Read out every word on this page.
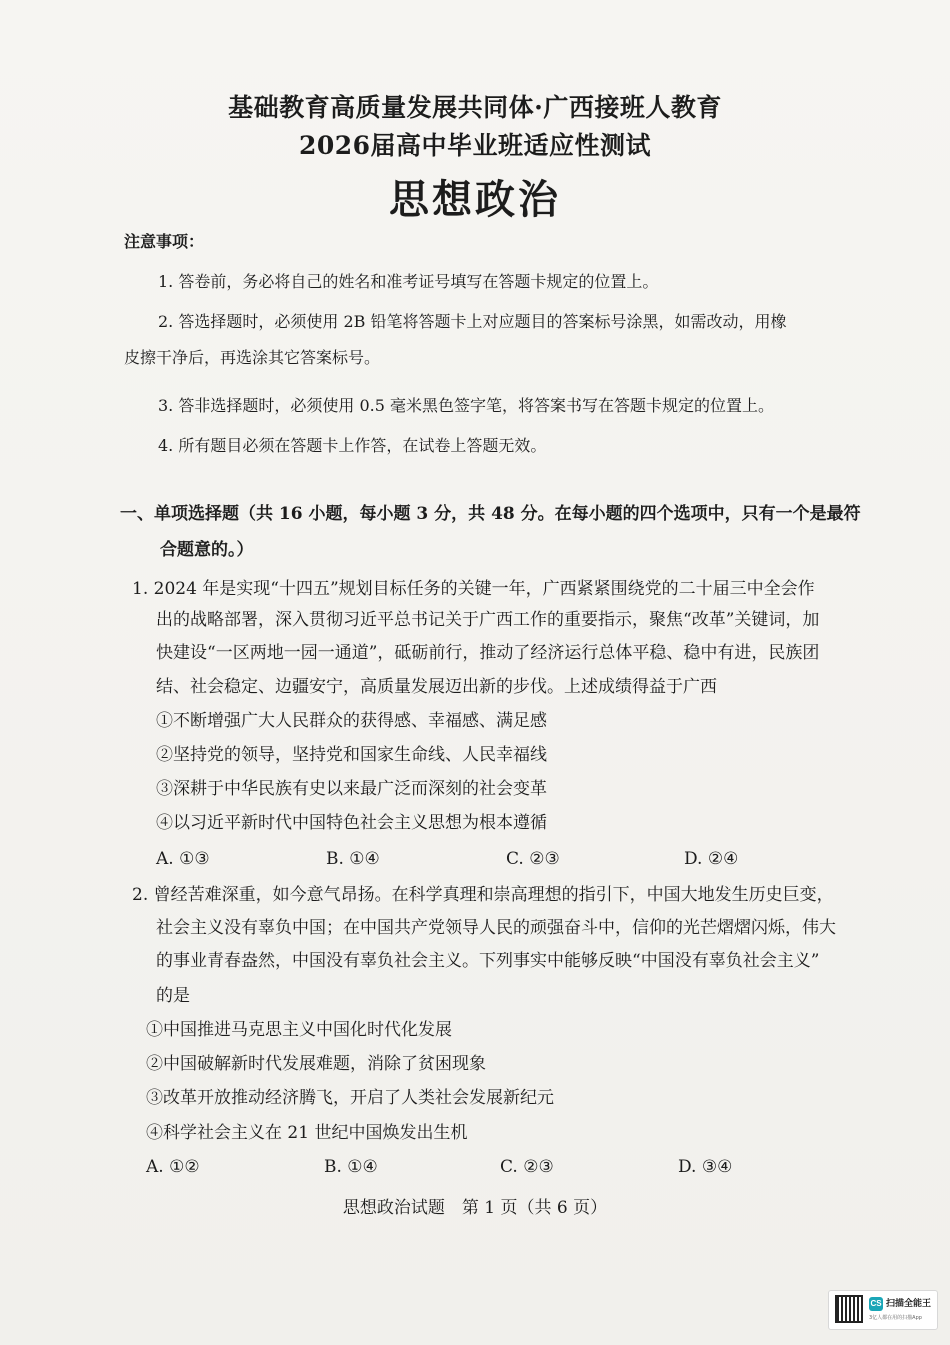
基础教育高质量发展共同体·广西接班人教育
2026届高中毕业班适应性测试
思想政治
注意事项：
1. 答卷前，务必将自己的姓名和准考证号填写在答题卡规定的位置上。
2. 答选择题时，必须使用 2B 铅笔将答题卡上对应题目的答案标号涂黑，如需改动，用橡
皮擦干净后，再选涂其它答案标号。
3. 答非选择题时，必须使用 0.5 毫米黑色签字笔，将答案书写在答题卡规定的位置上。
4. 所有题目必须在答题卡上作答，在试卷上答题无效。
一、单项选择题（共 16 小题，每小题 3 分，共 48 分。在每小题的四个选项中，只有一个是最符
合题意的。）
1. 2024 年是实现“十四五”规划目标任务的关键一年，广西紧紧围绕党的二十届三中全会作
出的战略部署，深入贯彻习近平总书记关于广西工作的重要指示，聚焦“改革”关键词，加
快建设“一区两地一园一通道”，砥砺前行，推动了经济运行总体平稳、稳中有进，民族团
结、社会稳定、边疆安宁，高质量发展迈出新的步伐。上述成绩得益于广西
①不断增强广大人民群众的获得感、幸福感、满足感
②坚持党的领导，坚持党和国家生命线、人民幸福线
③深耕于中华民族有史以来最广泛而深刻的社会变革
④以习近平新时代中国特色社会主义思想为根本遵循
A. ①③	B. ①④	C. ②③	D. ②④
2. 曾经苦难深重，如今意气昂扬。在科学真理和崇高理想的指引下，中国大地发生历史巨变，
社会主义没有辜负中国；在中国共产党领导人民的顽强奋斗中，信仰的光芒熠熠闪烁，伟大
的事业青春盎然，中国没有辜负社会主义。下列事实中能够反映“中国没有辜负社会主义”
的是
①中国推进马克思主义中国化时代化发展
②中国破解新时代发展难题，消除了贫困现象
③改革开放推动经济腾飞，开启了人类社会发展新纪元
④科学社会主义在 21 世纪中国焕发出生机
A. ①②	B. ①④	C. ②③	D. ③④
思想政治试题　第 1 页（共 6 页）
CS 扫描全能王
3亿人都在用的扫描App
